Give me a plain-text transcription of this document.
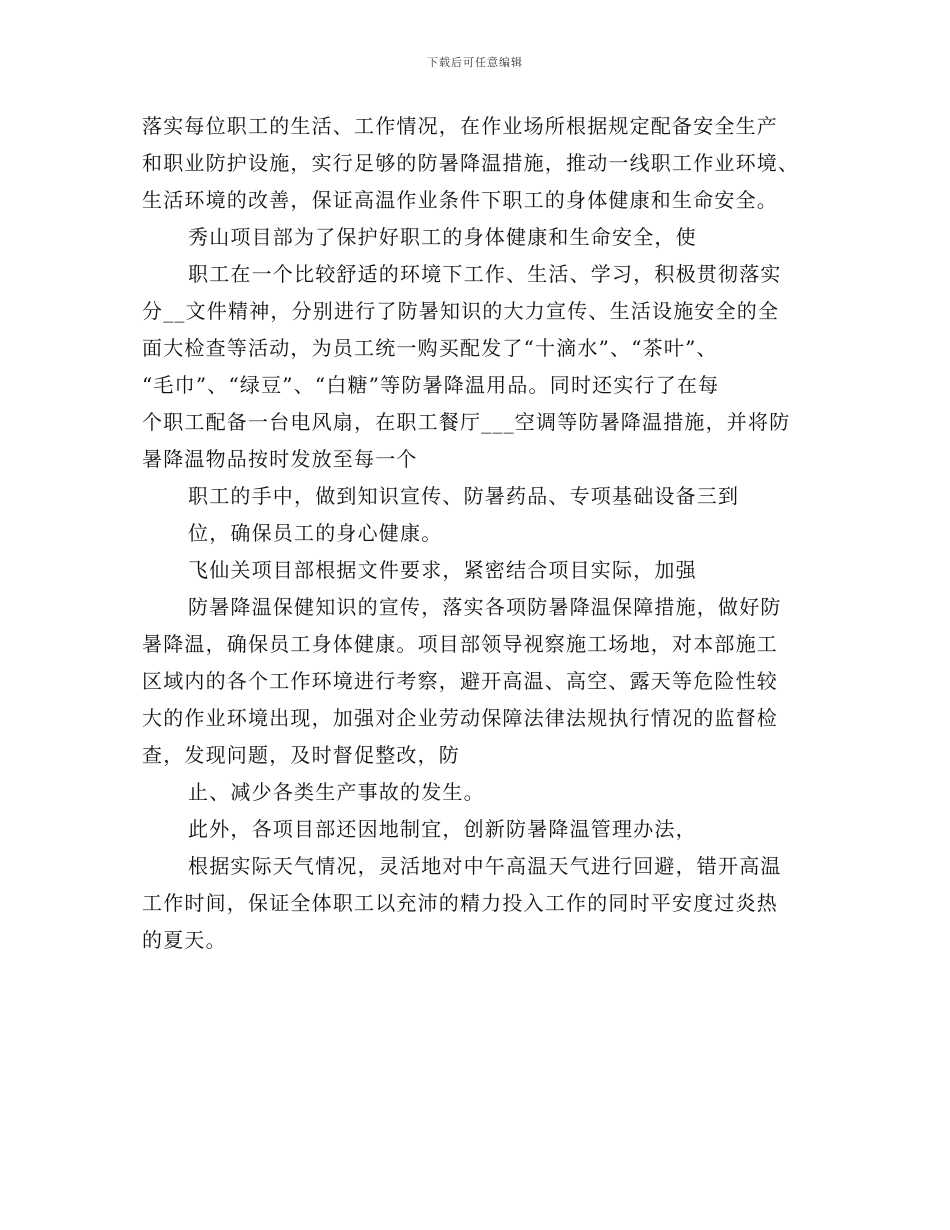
下载后可任意编辑
落实每位职工的生活、工作情况，在作业场所根据规定配备安全生产
和职业防护设施，实行足够的防暑降温措施，推动一线职工作业环境、
生活环境的改善，保证高温作业条件下职工的身体健康和生命安全。
秀山项目部为了保护好职工的身体健康和生命安全，使
职工在一个比较舒适的环境下工作、生活、学习，积极贯彻落实
分__文件精神，分别进行了防暑知识的大力宣传、生活设施安全的全
面大检查等活动，为员工统一购买配发了“十滴水”、“茶叶”、
“毛巾”、“绿豆”、“白糖”等防暑降温用品。同时还实行了在每
个职工配备一台电风扇，在职工餐厅___空调等防暑降温措施，并将防
暑降温物品按时发放至每一个
职工的手中，做到知识宣传、防暑药品、专项基础设备三到
位，确保员工的身心健康。
飞仙关项目部根据文件要求，紧密结合项目实际，加强
防暑降温保健知识的宣传，落实各项防暑降温保障措施，做好防
暑降温，确保员工身体健康。项目部领导视察施工场地，对本部施工
区域内的各个工作环境进行考察，避开高温、高空、露天等危险性较
大的作业环境出现，加强对企业劳动保障法律法规执行情况的监督检
查，发现问题，及时督促整改，防
止、减少各类生产事故的发生。
此外，各项目部还因地制宜，创新防暑降温管理办法，
根据实际天气情况，灵活地对中午高温天气进行回避，错开高温
工作时间，保证全体职工以充沛的精力投入工作的同时平安度过炎热
的夏天。
